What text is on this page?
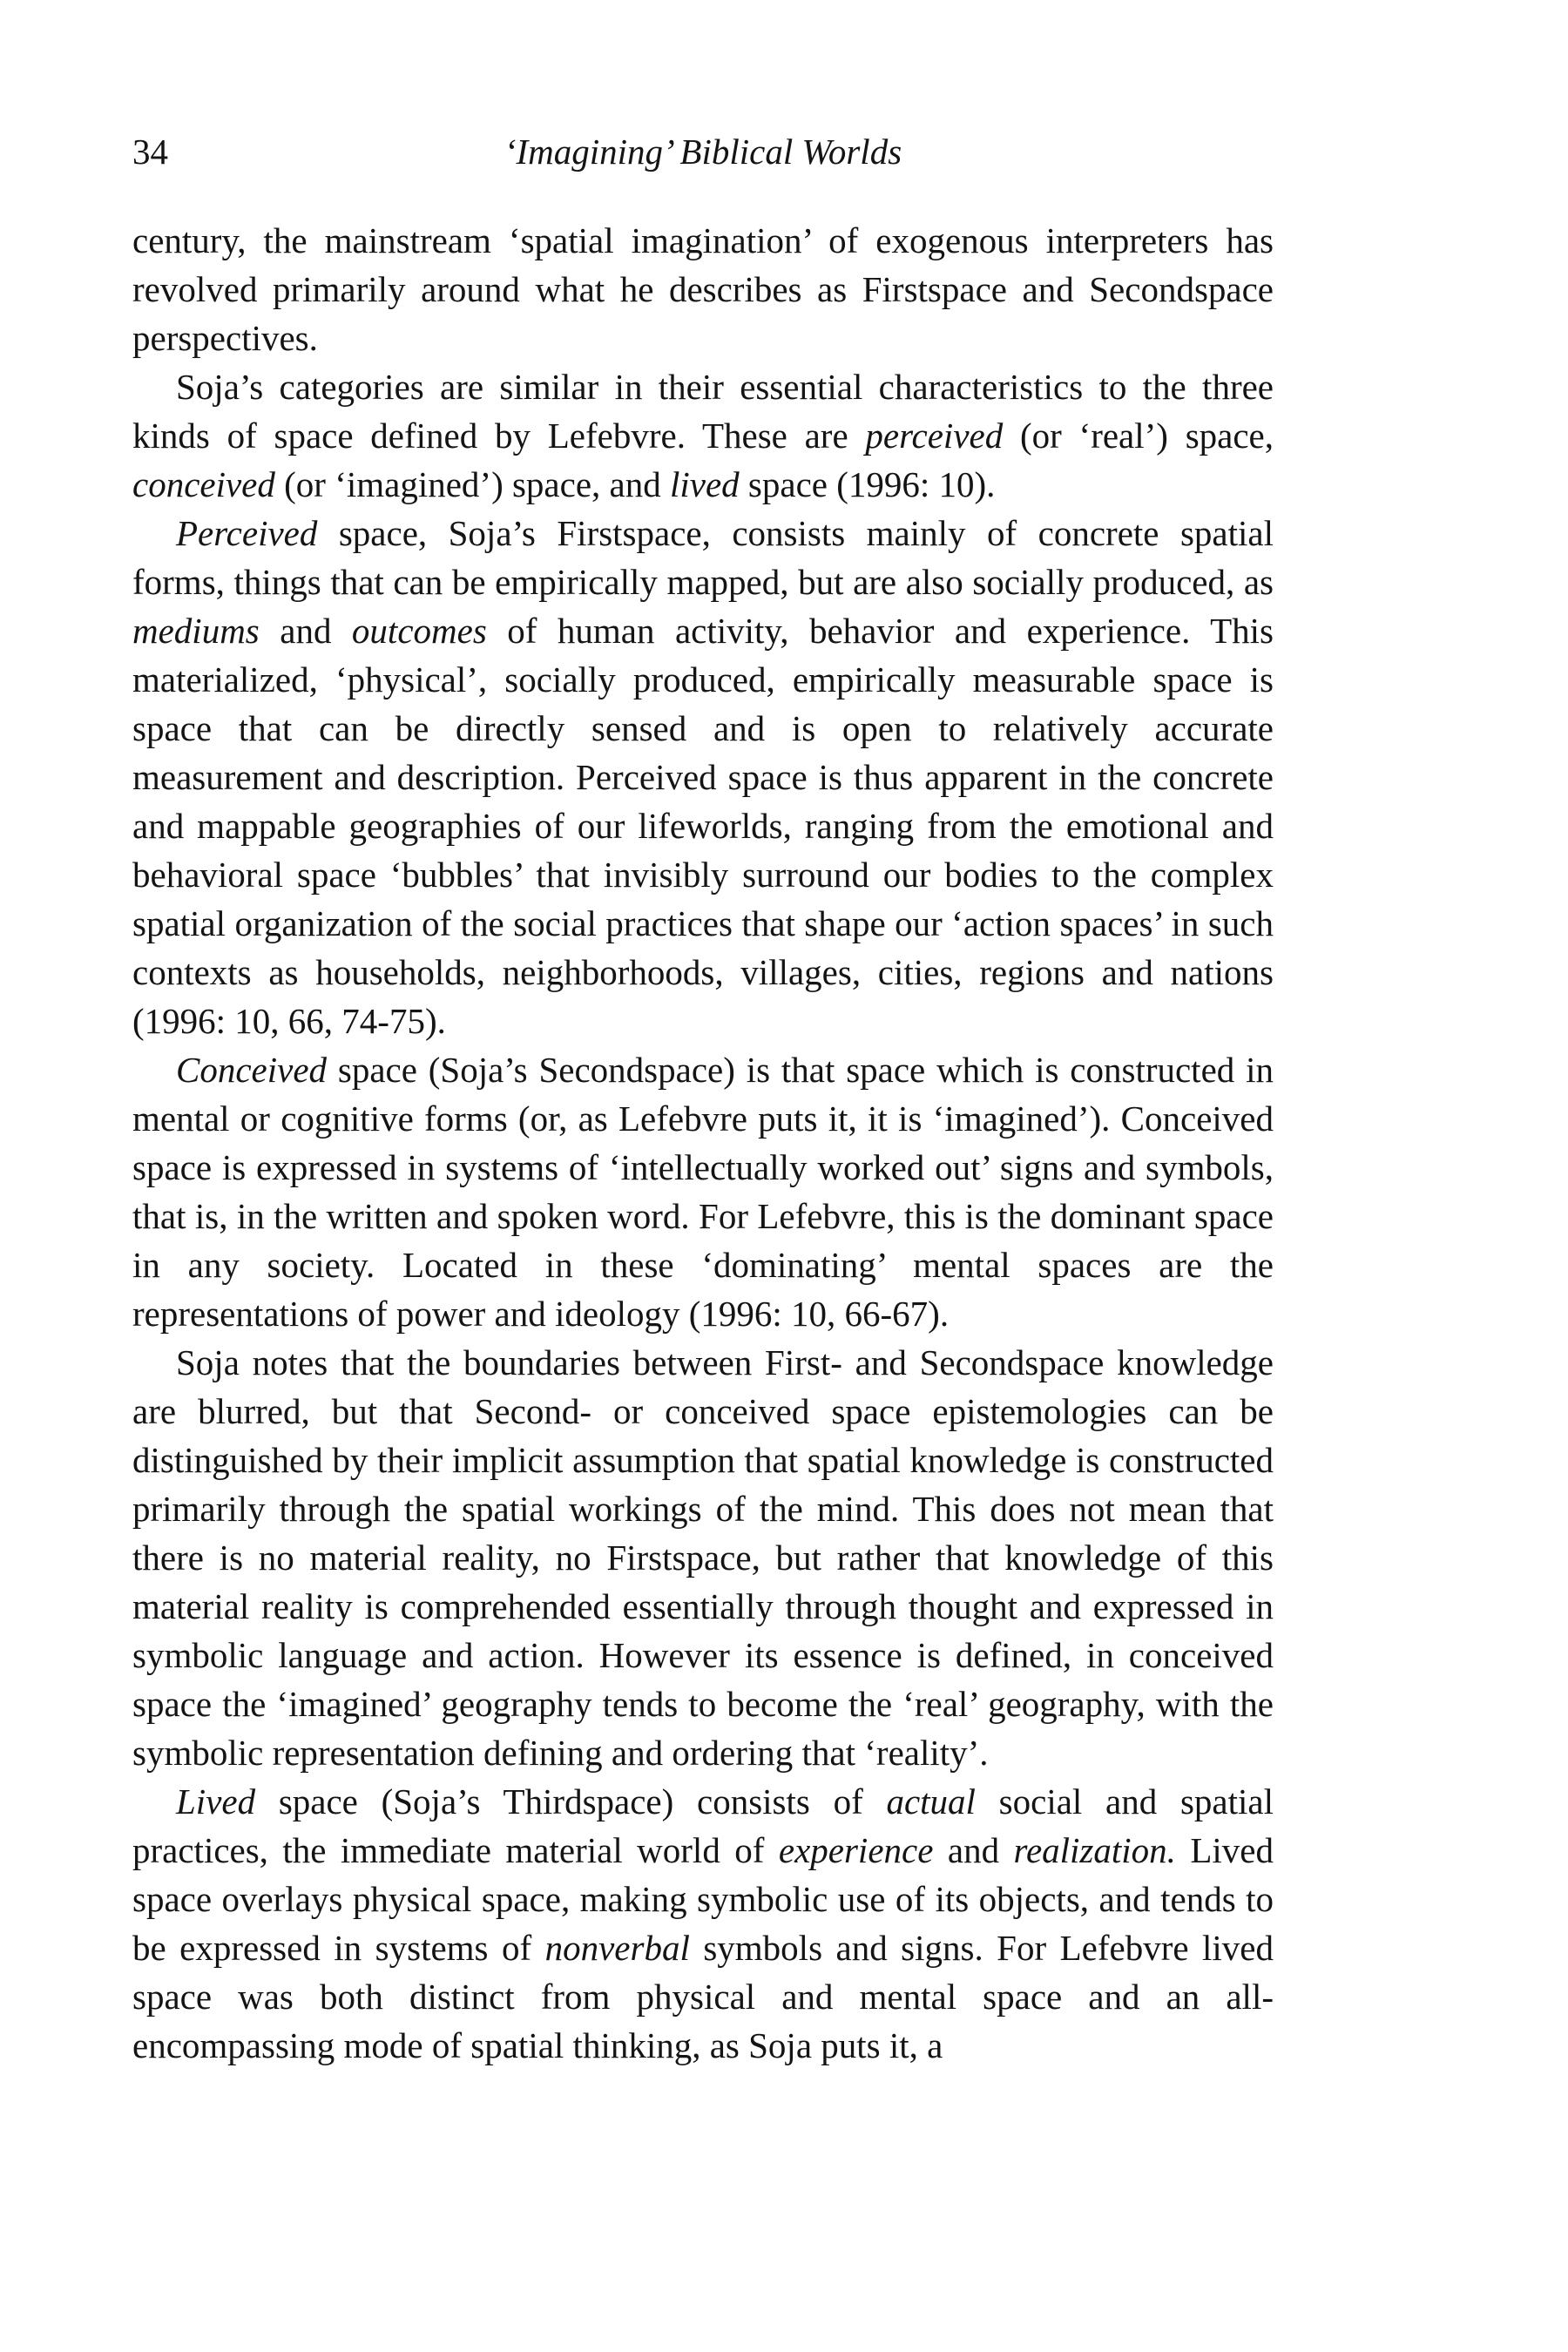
34	‘Imagining’ Biblical Worlds

century, the mainstream ‘spatial imagination’ of exogenous interpreters has revolved primarily around what he describes as Firstspace and Secondspace perspectives.

Soja’s categories are similar in their essential characteristics to the three kinds of space defined by Lefebvre. These are perceived (or ‘real’) space, conceived (or ‘imagined’) space, and lived space (1996: 10).

Perceived space, Soja’s Firstspace, consists mainly of concrete spatial forms, things that can be empirically mapped, but are also socially produced, as mediums and outcomes of human activity, behavior and experience. This materialized, ‘physical’, socially produced, empirically measurable space is space that can be directly sensed and is open to relatively accurate measurement and description. Perceived space is thus apparent in the concrete and mappable geographies of our lifeworlds, ranging from the emotional and behavioral space ‘bubbles’ that invisibly surround our bodies to the complex spatial organization of the social practices that shape our ‘action spaces’ in such contexts as households, neighborhoods, villages, cities, regions and nations (1996: 10, 66, 74-75).

Conceived space (Soja’s Secondspace) is that space which is constructed in mental or cognitive forms (or, as Lefebvre puts it, it is ‘imagined’). Conceived space is expressed in systems of ‘intellectually worked out’ signs and symbols, that is, in the written and spoken word. For Lefebvre, this is the dominant space in any society. Located in these ‘dominating’ mental spaces are the representations of power and ideology (1996: 10, 66-67).

Soja notes that the boundaries between First- and Secondspace knowledge are blurred, but that Second- or conceived space epistemologies can be distinguished by their implicit assumption that spatial knowledge is constructed primarily through the spatial workings of the mind. This does not mean that there is no material reality, no Firstspace, but rather that knowledge of this material reality is comprehended essentially through thought and expressed in symbolic language and action. However its essence is defined, in conceived space the ‘imagined’ geography tends to become the ‘real’ geography, with the symbolic representation defining and ordering that ‘reality’.

Lived space (Soja’s Thirdspace) consists of actual social and spatial practices, the immediate material world of experience and realization. Lived space overlays physical space, making symbolic use of its objects, and tends to be expressed in systems of nonverbal symbols and signs. For Lefebvre lived space was both distinct from physical and mental space and an all-encompassing mode of spatial thinking, as Soja puts it, a
